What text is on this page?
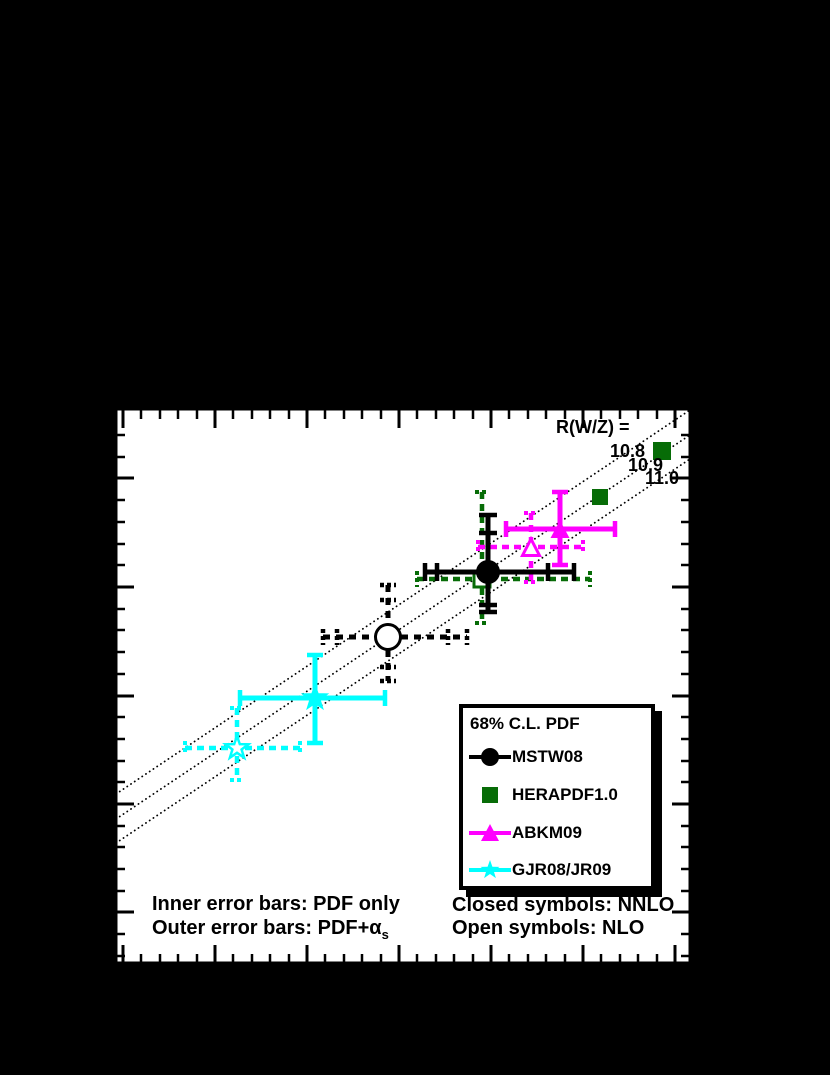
R(W/Z) =
10.8
10.9
11.0
68% C.L. PDF
MSTW08
HERAPDF1.0
ABKM09
GJR08/JR09
Inner error bars: PDF only
Outer error bars: $PDF+\alpha_s$
Closed symbols: NNLO
Open symbols: NLO
